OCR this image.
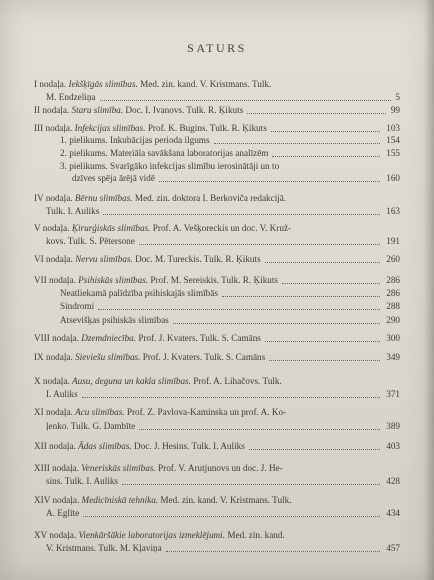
SATURS
I nodaļa. Iekšķīgās slimības. Med. zin. kand. V. Kristmans. Tulk.
M. Endzeliņa	5
II nodaļa. Staru slimība. Doc. I. Ivanovs. Tulk. R. Ķikuts	99
III nodaļa. Infekcijas slimības. Prof. K. Bugins. Tulk. R. Ķikuts	103
1. pielikums. Inkubācijas perioda ilgums	154
2. pielikums. Materiāla savākšana laboratorijas analīzēm	155
3. pielikums. Svarīgāko infekcijas slimību ierosinātāji un to
dzīves spēja ārējā vidē	160
IV nodaļa. Bērnu slimības. Med. zin. doktora I. Berkoviča redakcijā.
Tulk. I. Auliks	163
V nodaļa. Ķirurģiskās slimības. Prof. A. Vešķoreckis un doc. V. Kruž-
kovs. Tulk. S. Pētersone	191
VI nodaļa. Nervu slimības. Doc. M. Tureckis. Tulk. R. Ķikuts	260
VII nodaļa. Psihiskās slimības. Prof. M. Sereiskis. Tulk. R. Ķikuts	286
Neatliekamā palīdzība psihiskajās slimībās	286
Sindromi	288
Atsevišķas psihiskās slimības	290
VIII nodaļa. Dzemdniecība. Prof. J. Kvaters. Tulk. S. Camāns	300
IX nodaļa. Sieviešu slimības. Prof. J. Kvaters. Tulk. S. Camāns	349
X nodaļa. Ausu, deguna un kakla slimības. Prof. A. Lihačovs. Tulk.
I. Auliks	371
XI nodaļa. Acu slimības. Prof. Z. Pavlova-Kaminska un prof. A. Ko-
ļenko. Tulk. G. Dambīte	389
XII nodaļa. Ādas slimības. Doc. J. Hesins. Tulk. I. Auliks	403
XIII nodaļa. Veneriskās slimības. Prof. V. Arutjunovs un doc. J. He-
sins. Tulk. I. Auliks	428
XIV nodaļa. Medicīniskā tehnika. Med. zin. kand. V. Kristmans. Tulk.
A. Eglīte	434
XV nodaļa. Vienkāršākie laboratorijas izmeklējumi. Med. zin. kand.
V. Kristmans. Tulk. M. Kļaviņa	457
